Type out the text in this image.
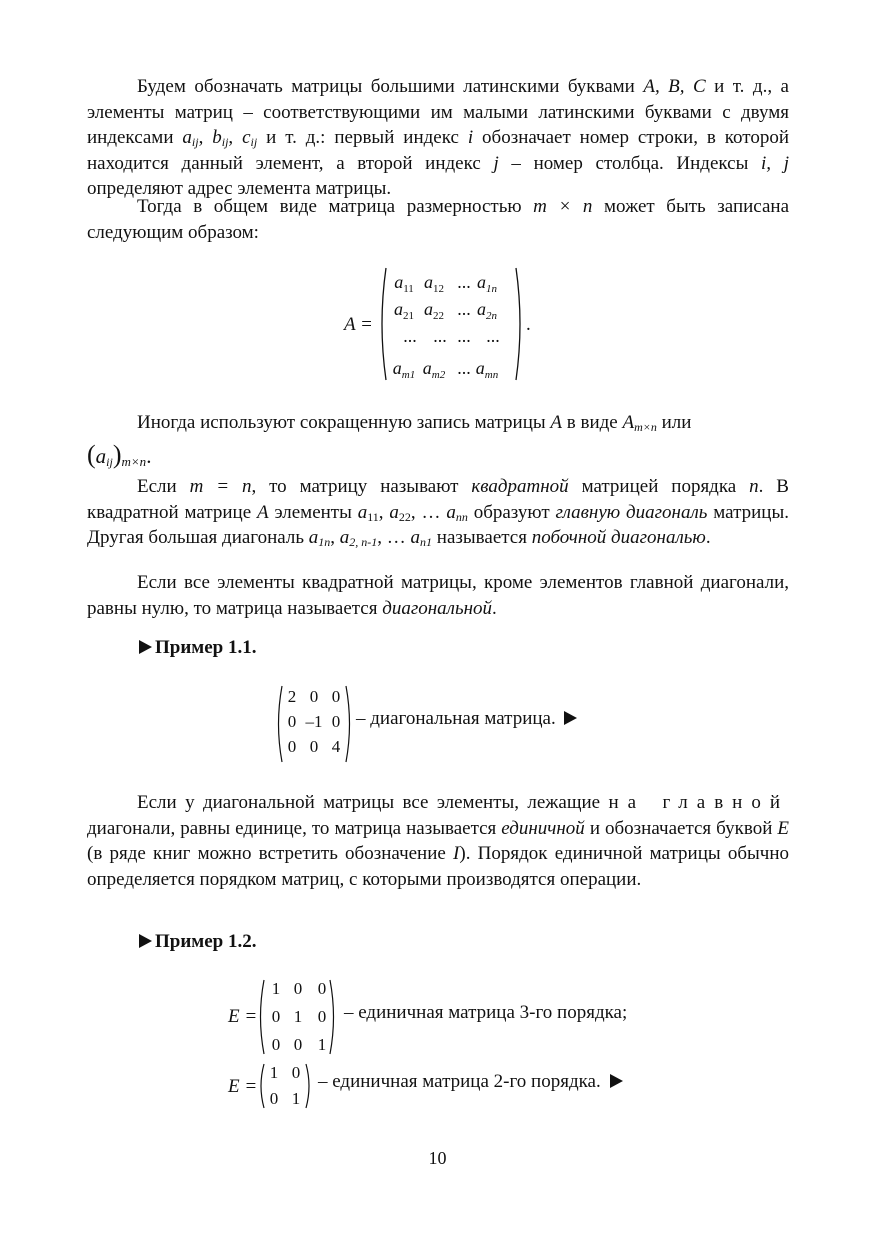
Будем обозначать матрицы большими латинскими буквами A, B, C и т. д., а элементы матриц – соответствующими им малыми латинскими буквами с двумя индексами $a_{ij}$, $b_{ij}$, $c_{ij}$ и т. д.: первый индекс i обозначает номер строки, в которой находится данный элемент, а второй индекс j – номер столбца. Индексы i, j определяют адрес элемента матрицы.

Тогда в общем виде матрица размерностью m × n может быть записана следующим образом:

A =
$a_{11}$ $a_{12}$ ... $a_{1n}$
$a_{21}$ $a_{22}$ ... $a_{2n}$
... ... ... ...
$a_{m1}$ $a_{m2}$ ... $a_{mn}$
.

Иногда используют сокращенную запись матрицы A в виде $A_{m\times n}$ или

$(a_{ij})_{m\times n}$.

Если m = n, то матрицу называют квадратной матрицей порядка n. В квадратной матрице A элементы $a_{11}$, $a_{22}$, … $a_{nn}$ образуют главную диагональ матрицы. Другая большая диагональ $a_{1n}$, $a_{2, n-1}$, … $a_{n1}$ называется побочной диагональю.

Если все элементы квадратной матрицы, кроме элементов главной диагонали, равны нулю, то матрица называется диагональной.

Пример 1.1.
2 0 0
0 –1 0
0 0 4
– диагональная матрица.

Если у диагональной матрицы все элементы, лежащие на главной диагонали, равны единице, то матрица называется единичной и обозначается буквой E (в ряде книг можно встретить обозначение I). Порядок единичной матрицы обычно определяется порядком матриц, с которыми производятся операции.

Пример 1.2.
E =
1 0 0
0 1 0
0 0 1
– единичная матрица 3-го порядка;
E =
1 0
0 1
– единичная матрица 2-го порядка.
10
